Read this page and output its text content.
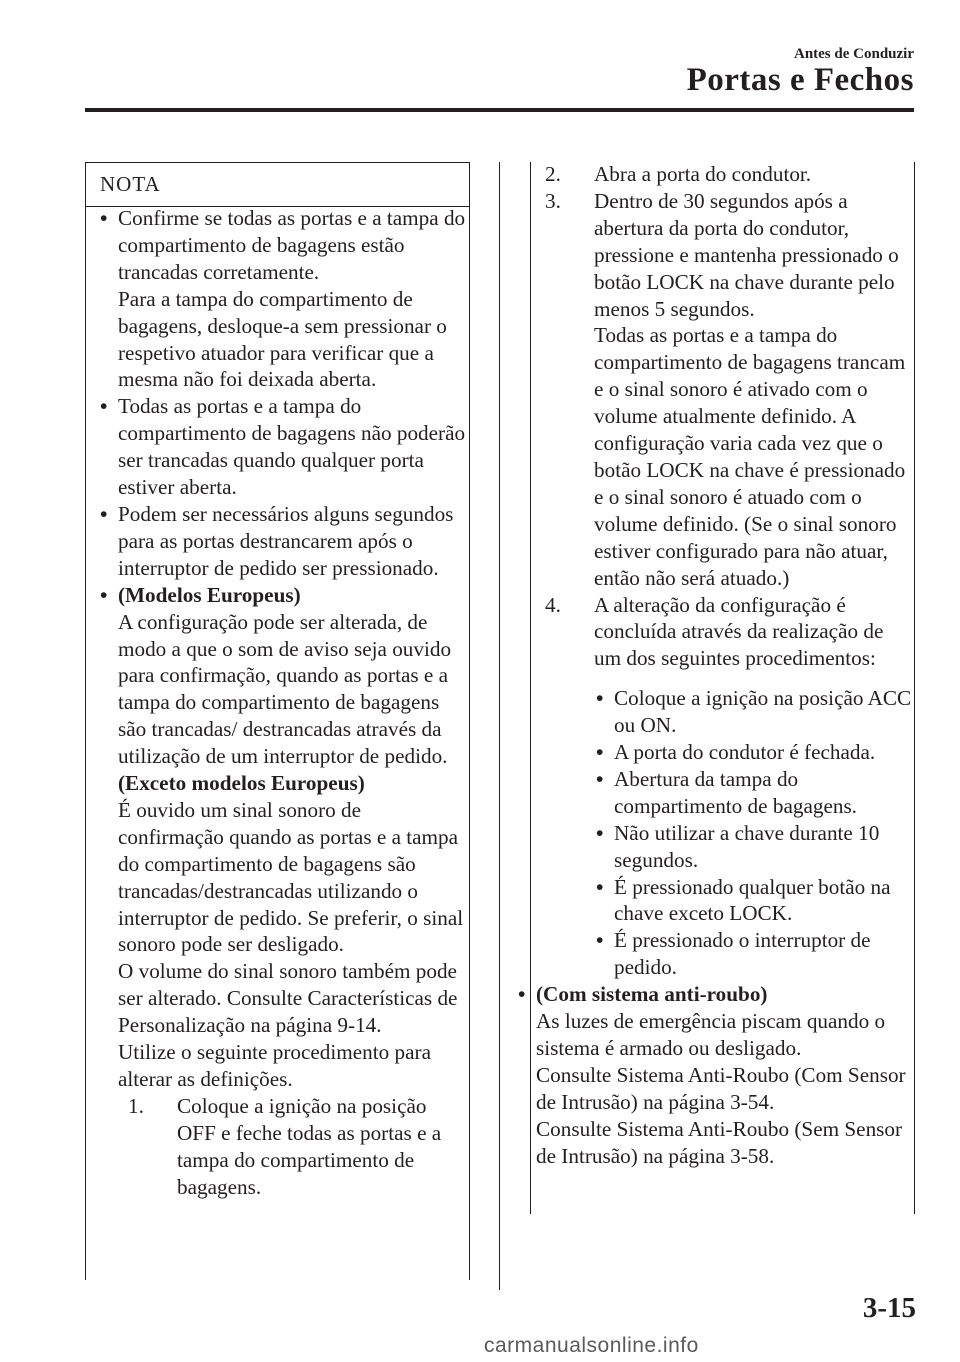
Antes de Conduzir
Portas e Fechos
NOTA
• Confirme se todas as portas e a tampa do compartimento de bagagens estão trancadas corretamente.
Para a tampa do compartimento de bagagens, desloque-a sem pressionar o respetivo atuador para verificar que a mesma não foi deixada aberta.
• Todas as portas e a tampa do compartimento de bagagens não poderão ser trancadas quando qualquer porta estiver aberta.
• Podem ser necessários alguns segundos para as portas destrancarem após o interruptor de pedido ser pressionado.
• (Modelos Europeus)
A configuração pode ser alterada, de modo a que o som de aviso seja ouvido para confirmação, quando as portas e a tampa do compartimento de bagagens são trancadas/ destrancadas através da utilização de um interruptor de pedido.
(Exceto modelos Europeus)
É ouvido um sinal sonoro de confirmação quando as portas e a tampa do compartimento de bagagens são trancadas/destrancadas utilizando o interruptor de pedido. Se preferir, o sinal sonoro pode ser desligado.
O volume do sinal sonoro também pode ser alterado. Consulte Características de Personalização na página 9-14.
Utilize o seguinte procedimento para alterar as definições.
1.	Coloque a ignição na posição OFF e feche todas as portas e a tampa do compartimento de bagagens.
2.	Abra a porta do condutor.
3.	Dentro de 30 segundos após a abertura da porta do condutor, pressione e mantenha pressionado o botão LOCK na chave durante pelo menos 5 segundos.
Todas as portas e a tampa do compartimento de bagagens trancam e o sinal sonoro é ativado com o volume atualmente definido. A configuração varia cada vez que o botão LOCK na chave é pressionado e o sinal sonoro é atuado com o volume definido. (Se o sinal sonoro estiver configurado para não atuar, então não será atuado.)
4.	A alteração da configuração é concluída através da realização de um dos seguintes procedimentos:
• Coloque a ignição na posição ACC ou ON.
• A porta do condutor é fechada.
• Abertura da tampa do compartimento de bagagens.
• Não utilizar a chave durante 10 segundos.
• É pressionado qualquer botão na chave exceto LOCK.
• É pressionado o interruptor de pedido.
• (Com sistema anti-roubo)
As luzes de emergência piscam quando o sistema é armado ou desligado.
Consulte Sistema Anti-Roubo (Com Sensor de Intrusão) na página 3-54.
Consulte Sistema Anti-Roubo (Sem Sensor de Intrusão) na página 3-58.
3-15
carmanualsonline.info
